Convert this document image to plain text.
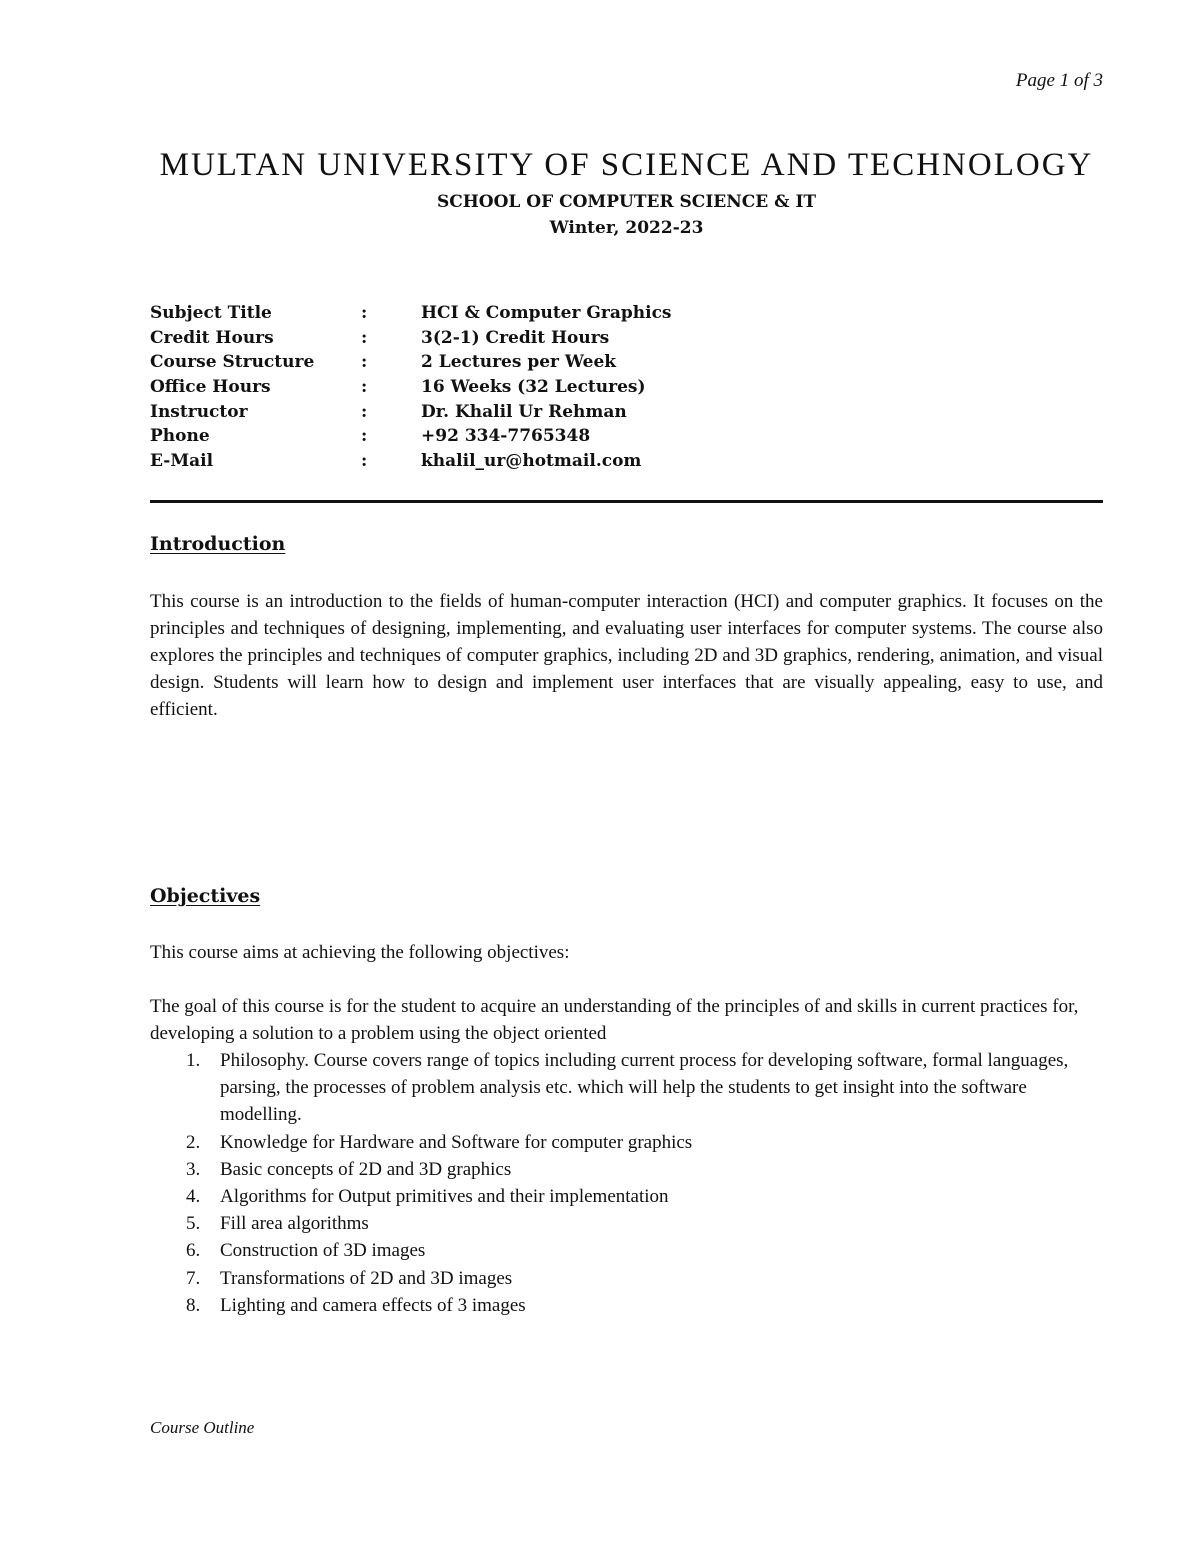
Page 1 of 3
MULTAN UNIVERSITY OF SCIENCE AND TECHNOLOGY
SCHOOL OF COMPUTER SCIENCE & IT
Winter, 2022-23
Subject Title	:	HCI & Computer Graphics
Credit Hours	:	3(2-1) Credit Hours
Course Structure	:	2 Lectures per Week
Office Hours	:	16 Weeks (32 Lectures)
Instructor	:	Dr. Khalil Ur Rehman
Phone	:	+92 334-7765348
E-Mail	:	khalil_ur@hotmail.com
Introduction
This course is an introduction to the fields of human-computer interaction (HCI) and computer graphics. It focuses on the principles and techniques of designing, implementing, and evaluating user interfaces for computer systems. The course also explores the principles and techniques of computer graphics, including 2D and 3D graphics, rendering, animation, and visual design. Students will learn how to design and implement user interfaces that are visually appealing, easy to use, and efficient.
Objectives
This course aims at achieving the following objectives:
The goal of this course is for the student to acquire an understanding of the principles of and skills in current practices for, developing a solution to a problem using the object oriented
1. Philosophy. Course covers range of topics including current process for developing software, formal languages, parsing, the processes of problem analysis etc. which will help the students to get insight into the software modelling.
2. Knowledge for Hardware and Software for computer graphics
3. Basic concepts of 2D and 3D graphics
4. Algorithms for Output primitives and their implementation
5. Fill area algorithms
6. Construction of 3D images
7. Transformations of 2D and 3D images
8. Lighting and camera effects of 3 images
Course Outline
